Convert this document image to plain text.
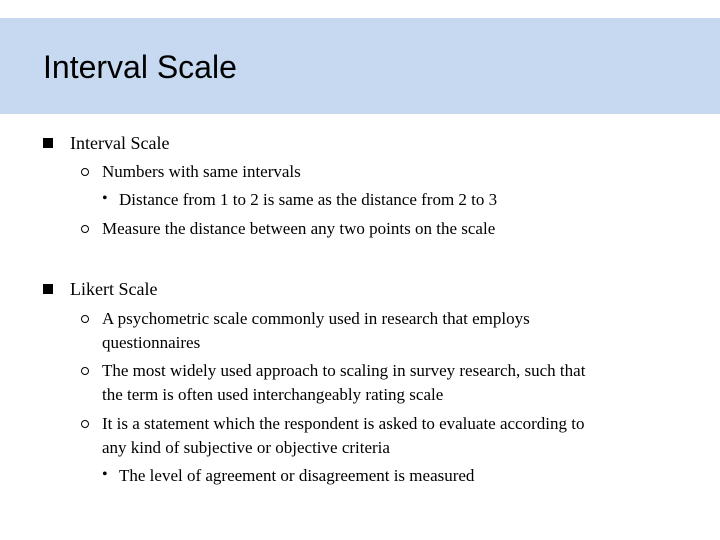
Interval Scale
Interval Scale
Numbers with same intervals
• Distance from 1 to 2 is same as the distance from 2 to 3
Measure the distance between any two points on the scale
Likert Scale
A psychometric scale commonly used in research that employs
questionnaires
The most widely used approach to scaling in survey research, such that
the term is often used interchangeably rating scale
It is a statement which the respondent is asked to evaluate according to
any kind of subjective or objective criteria
• The level of agreement or disagreement is measured
